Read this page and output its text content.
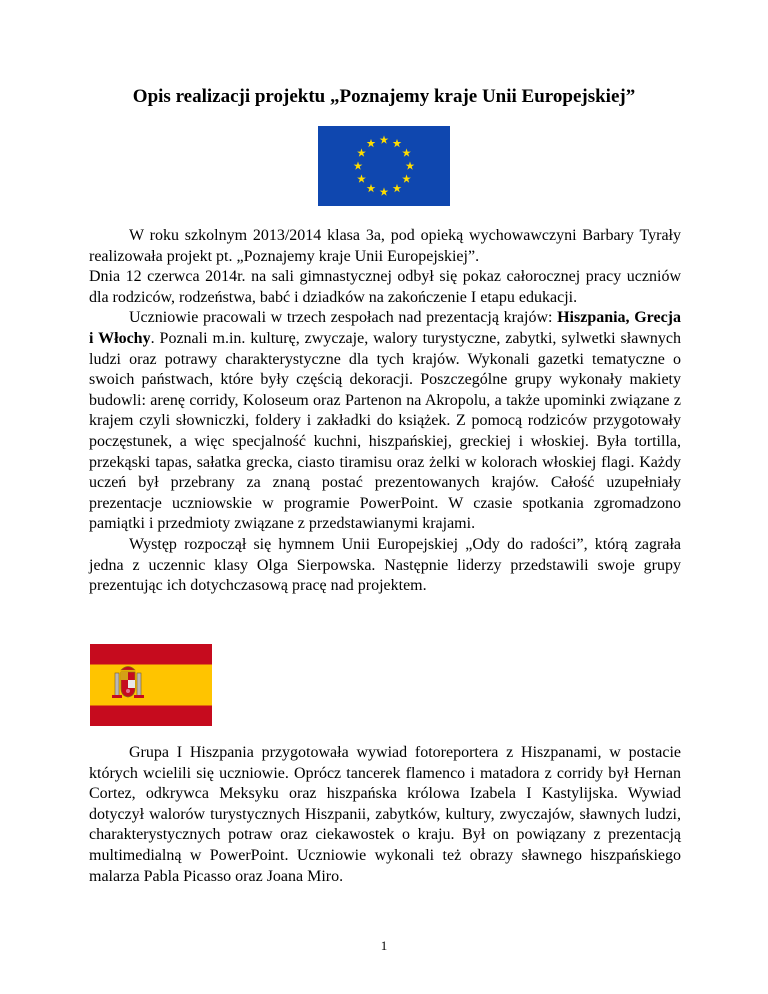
Opis realizacji projektu „Poznajemy kraje Unii Europejskiej”

W roku szkolnym 2013/2014 klasa 3a, pod opieką wychowawczyni Barbary Tyrały realizowała projekt pt. „Poznajemy kraje Unii Europejskiej”.

Dnia 12 czerwca 2014r. na sali gimnastycznej odbył się pokaz całorocznej pracy uczniów dla rodziców, rodzeństwa, babć i dziadków na zakończenie I etapu edukacji.

Uczniowie pracowali w trzech zespołach nad prezentacją krajów: Hiszpania, Grecja i Włochy. Poznali m.in. kulturę, zwyczaje, walory turystyczne, zabytki, sylwetki sławnych ludzi oraz potrawy charakterystyczne dla tych krajów. Wykonali gazetki tematyczne o swoich państwach, które były częścią dekoracji. Poszczególne grupy wykonały makiety budowli: arenę corridy, Koloseum oraz Partenon na Akropolu, a także upominki związane z krajem czyli słowniczki, foldery i zakładki do książek. Z pomocą rodziców przygotowały poczęstunek, a więc specjalność kuchni, hiszpańskiej, greckiej i włoskiej. Była tortilla, przekąski tapas, sałatka grecka, ciasto tiramisu oraz żelki w kolorach włoskiej flagi. Każdy uczeń był przebrany za znaną postać prezentowanych krajów. Całość uzupełniały prezentacje uczniowskie w programie PowerPoint. W czasie spotkania zgromadzono pamiątki i przedmioty związane z przedstawianymi krajami.

Występ rozpoczął się hymnem Unii Europejskiej „Ody do radości”, którą zagrała jedna z uczennic klasy Olga Sierpowska. Następnie liderzy przedstawili swoje grupy prezentując ich dotychczasową pracę nad projektem.

Grupa I Hiszpania przygotowała wywiad fotoreportera z Hiszpanami, w postacie których wcielili się uczniowie. Oprócz tancerek flamenco i matadora z corridy był Hernan Cortez, odkrywca Meksyku oraz hiszpańska królowa Izabela I Kastylijska. Wywiad dotyczył walorów turystycznych Hiszpanii, zabytków, kultury, zwyczajów, sławnych ludzi, charakterystycznych potraw oraz ciekawostek o kraju. Był on powiązany z prezentacją multimedialną w PowerPoint. Uczniowie wykonali też obrazy sławnego hiszpańskiego malarza Pabla Picasso oraz Joana Miro.

1
